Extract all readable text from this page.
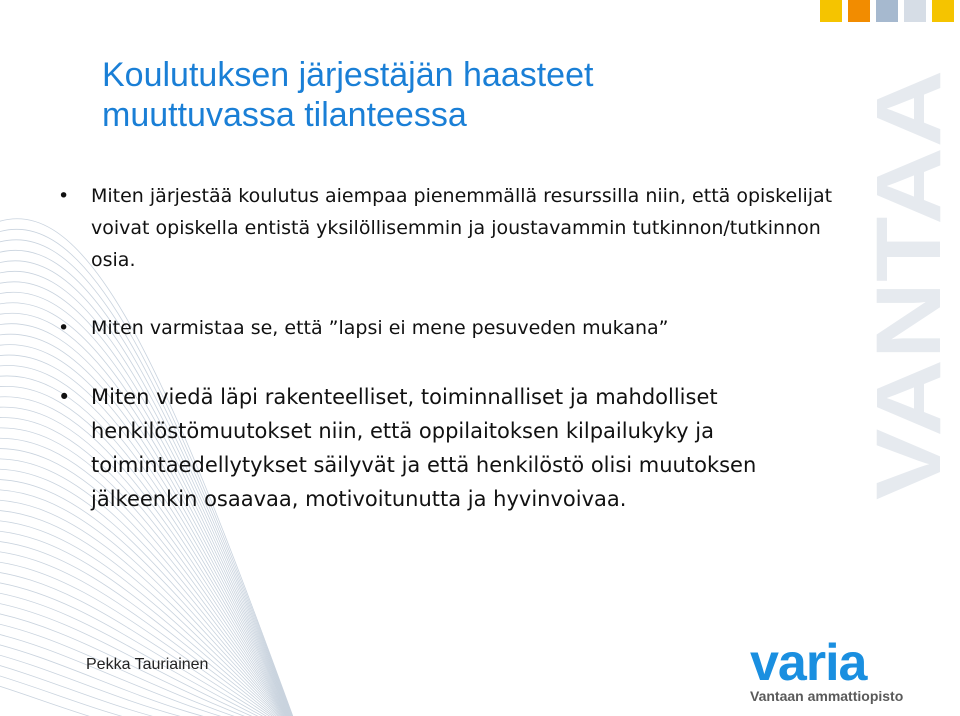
VANTAA
Koulutuksen järjestäjän haasteet
muuttuvassa tilanteessa
• Miten järjestää koulutus aiempaa pienemmällä resurssilla niin, että opiskelijat voivat opiskella entistä yksilöllisemmin ja joustavammin tutkinnon/tutkinnon osia.
• Miten varmistaa se, että ”lapsi ei mene pesuveden mukana”
• Miten viedä läpi rakenteelliset, toiminnalliset ja mahdolliset henkilöstömuutokset niin, että oppilaitoksen kilpailukyky ja toimintaedellytykset säilyvät ja että henkilöstö olisi muutoksen jälkeenkin osaavaa, motivoitunutta ja hyvinvoivaa.
Pekka Tauriainen	varia
Vantaan ammattiopisto
